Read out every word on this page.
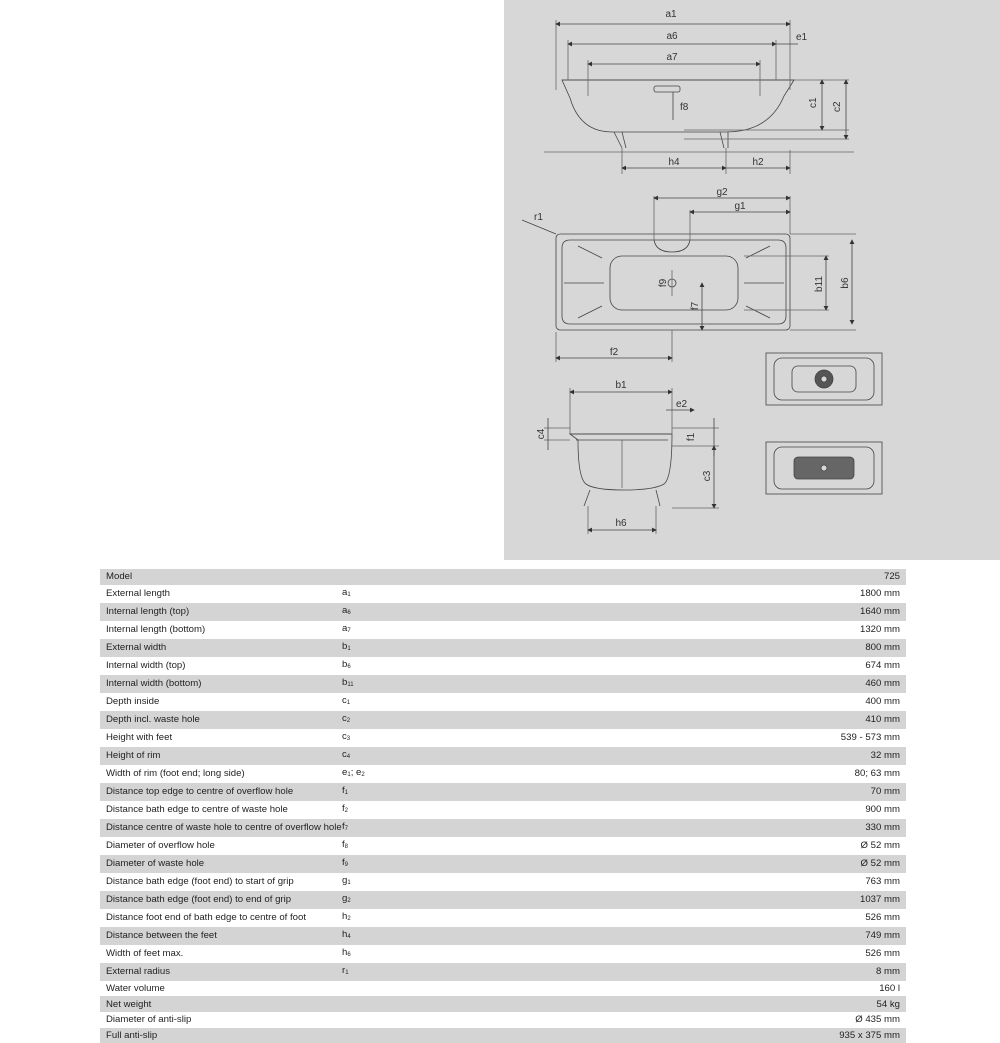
a1
a6
a7
e1
c1 c2
f8
h4	h2
g2
g1
r1
f9	b11 b6
f7
f2
b1
e2
c4	f1
c3
h6
Model		725
External length	$a_1$	1800 mm
Internal length (top)	$a_6$	1640 mm
Internal length (bottom)	$a_7$	1320 mm
External width	$b_1$	800 mm
Internal width (top)	$b_6$	674 mm
Internal width (bottom)	$b_{11}$	460 mm
Depth inside	$c_1$	400 mm
Depth incl. waste hole	$c_2$	410 mm
Height with feet	$c_3$	539 - 573 mm
Height of rim	$c_4$	32 mm
Width of rim (foot end; long side)	$e_1$; $e_2$	80; 63 mm
Distance top edge to centre of overflow hole	$f_1$	70 mm
Distance bath edge to centre of waste hole	$f_2$	900 mm
Distance centre of waste hole to centre of overflow hole	$f_7$	330 mm
Diameter of overflow hole	$f_8$	Ø 52 mm
Diameter of waste hole	$f_9$	Ø 52 mm
Distance bath edge (foot end) to start of grip	$g_1$	763 mm
Distance bath edge (foot end) to end of grip	$g_2$	1037 mm
Distance foot end of bath edge to centre of foot	$h_2$	526 mm
Distance between the feet	$h_4$	749 mm
Width of feet max.	$h_6$	526 mm
External radius	$r_1$	8 mm
Water volume		160 l
Net weight		54 kg
Diameter of anti-slip		Ø 435 mm
Full anti-slip		935 x 375 mm
